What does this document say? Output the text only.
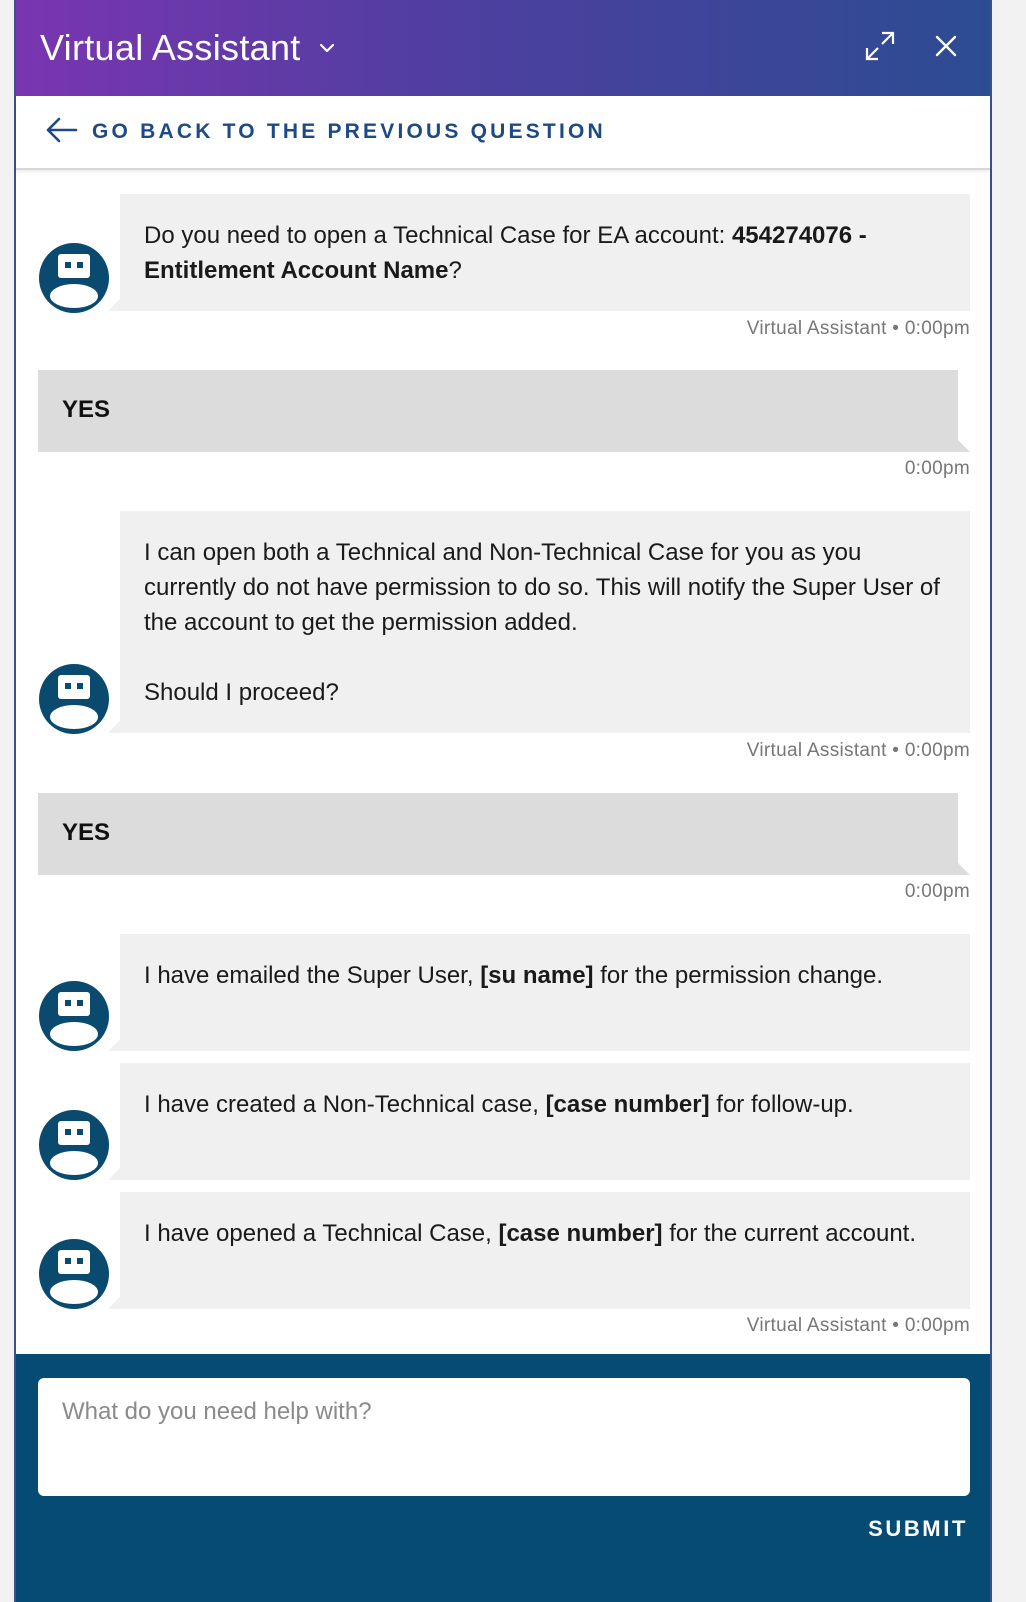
Virtual Assistant
GO BACK TO THE PREVIOUS QUESTION
Do you need to open a Technical Case for EA account: 454274076 - Entitlement Account Name?
Virtual Assistant • 0:00pm
YES
0:00pm
I can open both a Technical and Non-Technical Case for you as you currently do not have permission to do so. This will notify the Super User of the account to get the permission added.
Should I proceed?
Virtual Assistant • 0:00pm
YES
0:00pm
I have emailed the Super User, [su name] for the permission change.
I have created a Non-Technical case, [case number] for follow-up.
I have opened a Technical Case, [case number] for the current account.
Virtual Assistant • 0:00pm
What do you need help with?
SUBMIT
